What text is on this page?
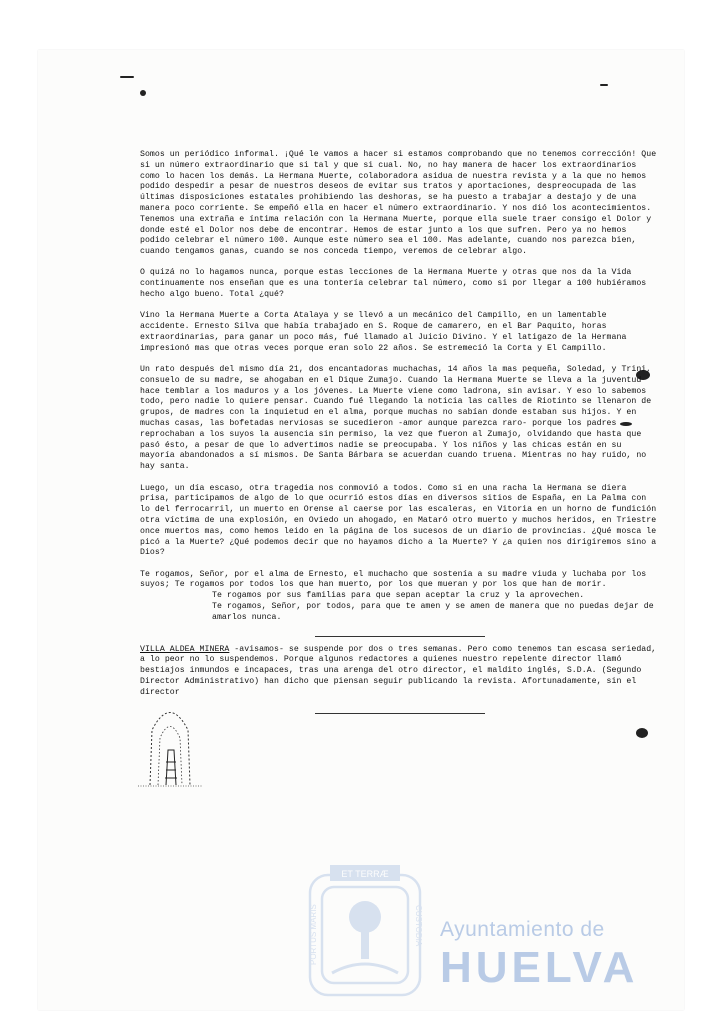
Somos un periódico informal. ¡Qué le vamos a hacer si estamos comprobando que no tenemos corrección! Que si un número extraordinario que si tal y que si cual. No, no hay manera de hacer los extraordinarios como lo hacen los demás. La Hermana Muerte, colaboradora asidua de nuestra revista y a la que no hemos podido despedir a pesar de nuestros deseos de evitar sus tratos y aportaciones, despreocupada de las últimas disposiciones estatales prohibiendo las deshoras, se ha puesto a trabajar a destajo y de una manera poco corriente. Se empeñó ella en hacer el número extraordinario. Y nos dió los acontecimientos. Tenemos una extraña e íntima relación con la Hermana Muerte, porque ella suele traer consigo el Dolor y donde esté el Dolor nos debe de encontrar. Hemos de estar junto a los que sufren. Pero ya no hemos podido celebrar el número 100. Aunque este número sea el 100. Mas adelante, cuando nos parezca bien, cuando tengamos ganas, cuando se nos conceda tiempo, veremos de celebrar algo.

O quizá no lo hagamos nunca, porque estas lecciones de la Hermana Muerte y otras que nos da la Vida continuamente nos enseñan que es una tontería celebrar tal número, como si por llegar a 100 hubiéramos hecho algo bueno. Total ¿qué?

Vino la Hermana Muerte a Corta Atalaya y se llevó a un mecánico del Campillo, en un lamentable accidente. Ernesto Silva que había trabajado en S. Roque de camarero, en el Bar Paquito, horas extraordinarias, para ganar un poco más, fué llamado al Juicio Divino. Y el latigazo de la Hermana impresionó mas que otras veces porque eran solo 22 años. Se estremeció la Corta y El Campillo.

Un rato después del mismo día 21, dos encantadoras muchachas, 14 años la mas pequeña, Soledad, y Trini, consuelo de su madre, se ahogaban en el Dique Zumajo. Cuando la Hermana Muerte se lleva a la juventud hace temblar a los maduros y a los jóvenes. La Muerte viene como ladrona, sin avisar. Y eso lo sabemos todo, pero nadie lo quiere pensar. Cuando fué llegando la noticia las calles de Riotinto se llenaron de grupos, de madres con la inquietud en el alma, porque muchas no sabían donde estaban sus hijos. Y en muchas casas, las bofetadas nerviosas se sucedieron -amor aunque parezca raro- porque los padres reprochaban a los suyos la ausencia sin permiso, la vez que fueron al Zumajo, olvidando que hasta que pasó ésto, a pesar de que lo advertimos nadie se preocupaba. Y los niños y las chicas están en su mayoría abandonados a sí mismos. De Santa Bárbara se acuerdan cuando truena. Mientras no hay ruido, no hay santa.

Luego, un día escaso, otra tragedia nos conmovió a todos. Como si en una racha la Hermana se diera prisa, participamos de algo de lo que ocurrió estos días en diversos sitios de España, en La Palma con lo del ferrocarril, un muerto en Orense al caerse por las escaleras, en Vitoria en un horno de fundición otra víctima de una explosión, en Oviedo un ahogado, en Mataró otro muerto y muchos heridos, en Triestre once muertos mas, como hemos leido en la página de los sucesos de un diario de provincias. ¿Qué mosca le picó a la Muerte? ¿Qué podemos decir que no hayamos dicho a la Muerte? Y ¿a quien nos dirigiremos sino a Dios?

Te rogamos, Señor, por el alma de Ernesto, el muchacho que sostenía a su madre viuda y luchaba por los suyos; Te rogamos por todos los que han muerto, por los que mueran y por los que han de morir.

Te rogamos por sus familias para que sepan aceptar la cruz y la aprovechen.

Te rogamos, Señor, por todos, para que te amen y se amen de manera que no puedas dejar de amarlos nunca.

VILLA ALDEA MINERA -avisamos- se suspende por dos o tres semanas. Pero como tenemos tan escasa seriedad, a lo peor no lo suspendemos. Porque algunos redactores a quienes nuestro repelente director llamó bestiajos inmundos e incapaces, tras una arenga del otro director, el maldito inglés, S.D.A. (Segundo Director Administrativo) han dicho que piensan seguir publicando la revista. Afortunadamente, sin el director

ET TERRÆ
PORTUS MARIS	CUSTODIA Ayuntamiento de
HUELVA
